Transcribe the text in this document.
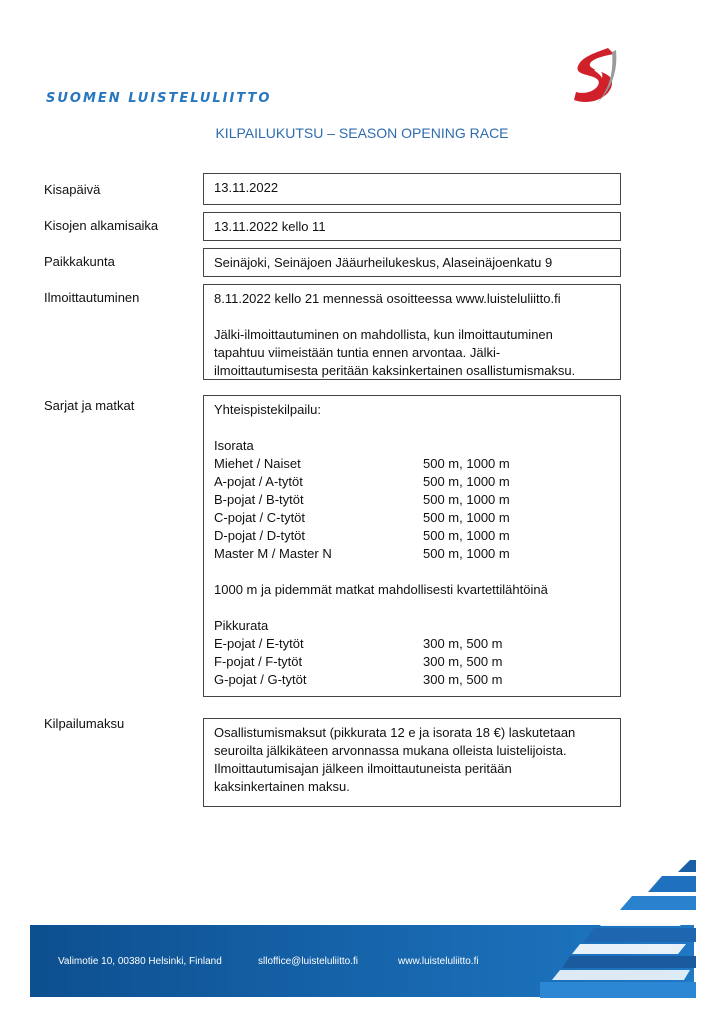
SUOMEN LUISTELULIITTO
KILPAILUKUTSU – SEASON OPENING RACE
Kisapäivä	13.11.2022

Kisojen alkamisaika	13.11.2022 kello 11

Paikkakunta	Seinäjoki, Seinäjoen Jääurheilukeskus, Alaseinäjoenkatu 9

Ilmoittautuminen	8.11.2022 kello 21 mennessä osoitteessa www.luisteluliitto.fi

Jälki-ilmoittautuminen on mahdollista, kun ilmoittautuminen

tapahtuu viimeistään tuntia ennen arvontaa. Jälki-

ilmoittautumisesta peritään kaksinkertainen osallistumismaksu.

Sarjat ja matkat	Yhteispistekilpailu:

Isorata

Miehet / Naiset	500 m, 1000 m
A-pojat / A-tytöt	500 m, 1000 m
B-pojat / B-tytöt	500 m, 1000 m
C-pojat / C-tytöt	500 m, 1000 m
D-pojat / D-tytöt	500 m, 1000 m
Master M / Master N	500 m, 1000 m

1000 m ja pidemmät matkat mahdollisesti kvartettilähtöinä

Pikkurata

E-pojat / E-tytöt	300 m, 500 m
F-pojat / F-tytöt	300 m, 500 m
G-pojat / G-tytöt	300 m, 500 m
Kilpailumaksu

Osallistumismaksut (pikkurata 12 e ja isorata 18 €) laskutetaan

seuroilta jälkikäteen arvonnassa mukana olleista luistelijoista.

Ilmoittautumisajan jälkeen ilmoittautuneista peritään

kaksinkertainen maksu.

Valimotie 10, 00380 Helsinki, Finland	slloffice@luisteluliitto.fi	www.luisteluliitto.fi
